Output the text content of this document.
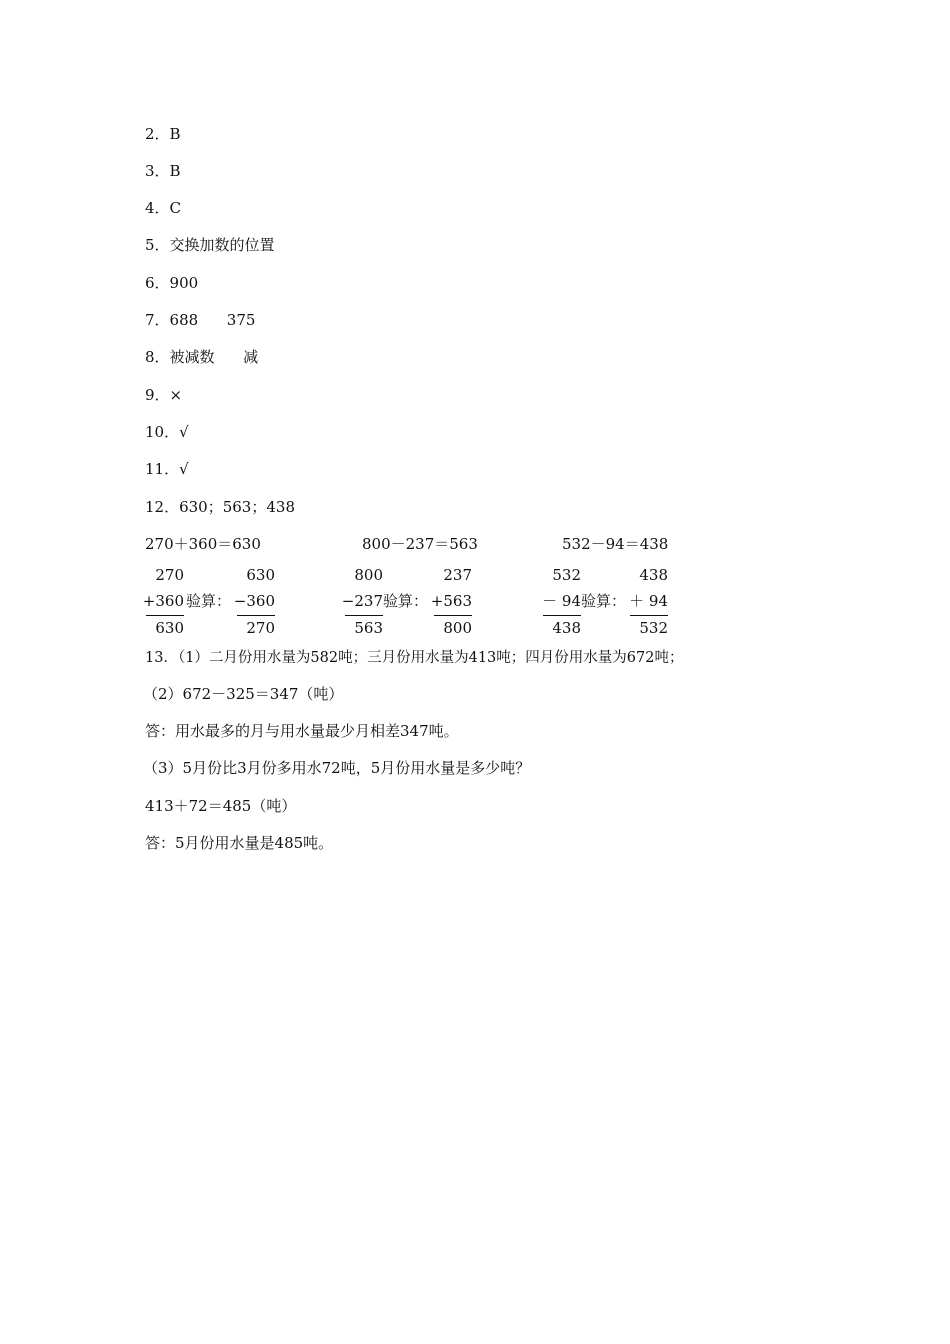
2．B
3．B
4．C
5．交换加数的位置
6．900
7．688      375
8．被减数      减
9．×
10．√
11．√
12．630；563；438
270＋360＝630	800－237＝563	532－94＝438
270
+360
630
验算：
630
−360
270
800
−237
563
验算：
237
+563
800
532
－ 94
438
验算：
438
＋ 94
532
13．（1）二月份用水量为582吨；三月份用水量为413吨；四月份用水量为672吨；
（2）672－325＝347（吨）
答：用水最多的月与用水量最少月相差347吨。
（3）5月份比3月份多用水72吨，5月份用水量是多少吨？
413＋72＝485（吨）
答：5月份用水量是485吨。
